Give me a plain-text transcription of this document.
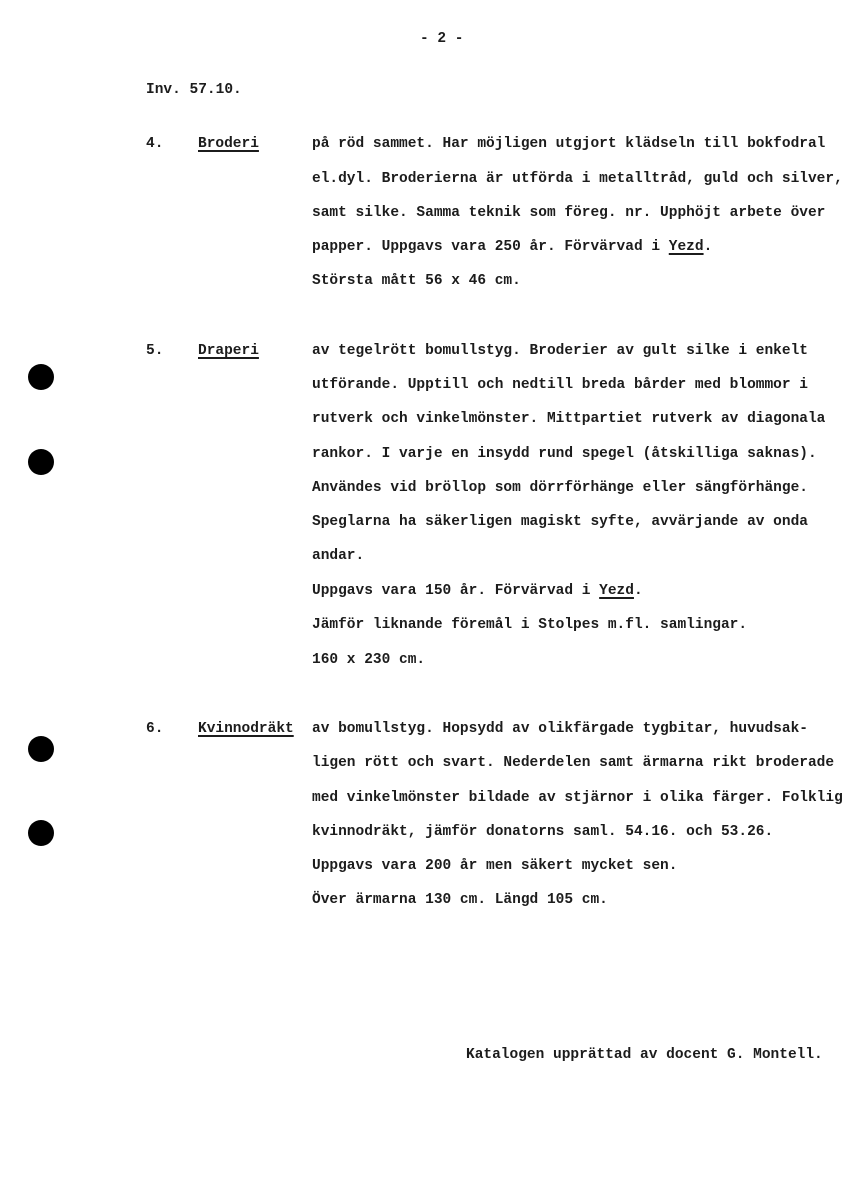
- 2 -
Inv. 57.10.
4. Broderi	på röd sammet. Har möjligen utgjort klädseln till bokfodral
el.dyl. Broderierna är utförda i metalltråd, guld och silver,
samt silke. Samma teknik som föreg. nr. Upphöjt arbete över
papper. Uppgavs vara 250 år. Förvärvad i Yezd.
Största mått 56 x 46 cm.
5. Draperi	av tegelrött bomullstyg. Broderier av gult silke i enkelt
utförande. Upptill och nedtill breda bårder med blommor i
rutverk och vinkelmönster. Mittpartiet rutverk av diagonala
rankor. I varje en insydd rund spegel (åtskilliga saknas).
Användes vid bröllop som dörrförhänge eller sängförhänge.
Speglarna ha säkerligen magiskt syfte, avvärjande av onda
andar.
Uppgavs vara 150 år. Förvärvad i Yezd.
Jämför liknande föremål i Stolpes m.fl. samlingar.
160 x 230 cm.
6. Kvinnodräkt av bomullstyg. Hopsydd av olikfärgade tygbitar, huvudsak-
ligen rött och svart. Nederdelen samt ärmarna rikt broderade
med vinkelmönster bildade av stjärnor i olika färger. Folklig
kvinnodräkt, jämför donatorns saml. 54.16. och 53.26.
Uppgavs vara 200 år men säkert mycket sen.
Över ärmarna 130 cm. Längd 105 cm.
Katalogen upprättad av docent G. Montell.
